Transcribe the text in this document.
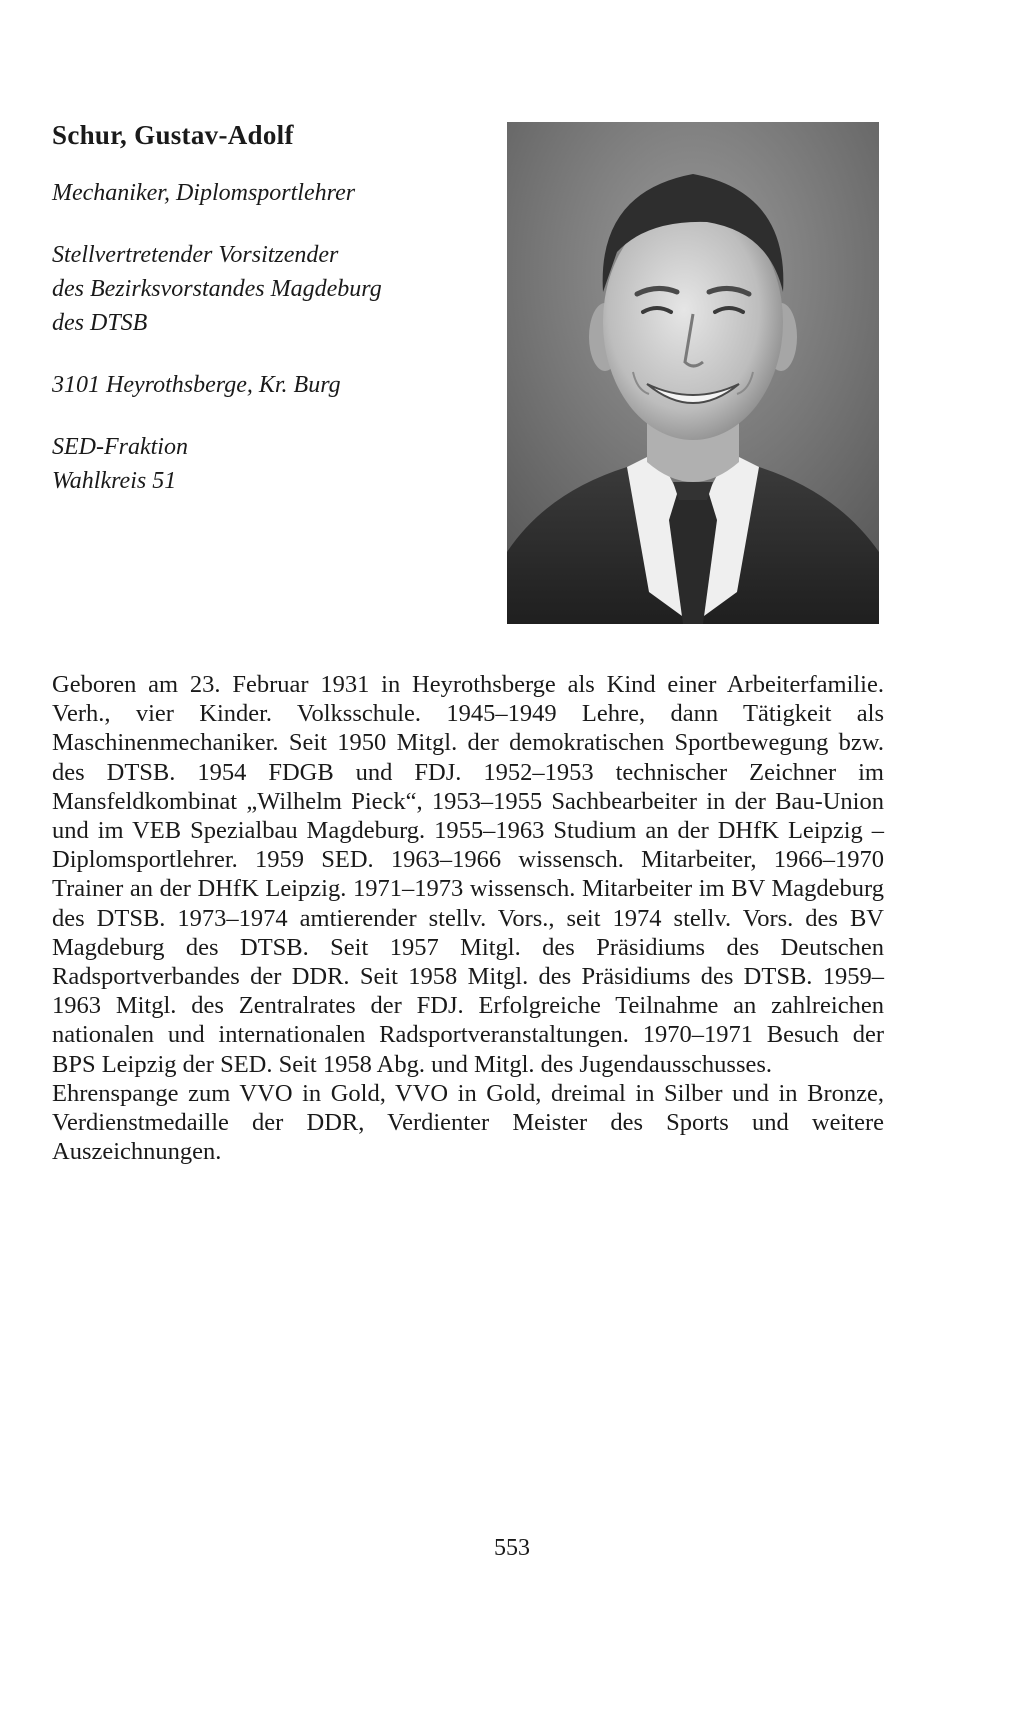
Schur, Gustav-Adolf
Mechaniker, Diplomsportlehrer
Stellvertretender Vorsitzender
des Bezirksvorstandes Magdeburg
des DTSB
3101 Heyrothsberge, Kr. Burg
SED-Fraktion
Wahlkreis 51

Geboren am 23. Februar 1931 in Heyrothsberge als Kind einer Arbeiterfamilie. Verh., vier Kinder. Volksschule. 1945–1949 Lehre, dann Tätigkeit als Maschinenmechaniker. Seit 1950 Mitgl. der demokratischen Sportbewegung bzw. des DTSB. 1954 FDGB und FDJ. 1952–1953 technischer Zeichner im Mansfeldkombinat „Wilhelm Pieck“, 1953–1955 Sachbearbeiter in der Bau-Union und im VEB Spezialbau Magdeburg. 1955–1963 Studium an der DHfK Leipzig – Diplomsportlehrer. 1959 SED. 1963–1966 wissensch. Mitarbeiter, 1966–1970 Trainer an der DHfK Leipzig. 1971–1973 wissensch. Mitarbeiter im BV Magdeburg des DTSB. 1973–1974 amtierender stellv. Vors., seit 1974 stellv. Vors. des BV Magdeburg des DTSB. Seit 1957 Mitgl. des Präsidiums des Deutschen Radsportverbandes der DDR. Seit 1958 Mitgl. des Präsidiums des DTSB. 1959–1963 Mitgl. des Zentralrates der FDJ. Erfolgreiche Teilnahme an zahlreichen nationalen und internationalen Radsportveranstaltungen. 1970–1971 Besuch der BPS Leipzig der SED. Seit 1958 Abg. und Mitgl. des Jugendausschusses.

Ehrenspange zum VVO in Gold, VVO in Gold, dreimal in Silber und in Bronze, Verdienstmedaille der DDR, Verdienter Meister des Sports und weitere Auszeichnungen.

553
